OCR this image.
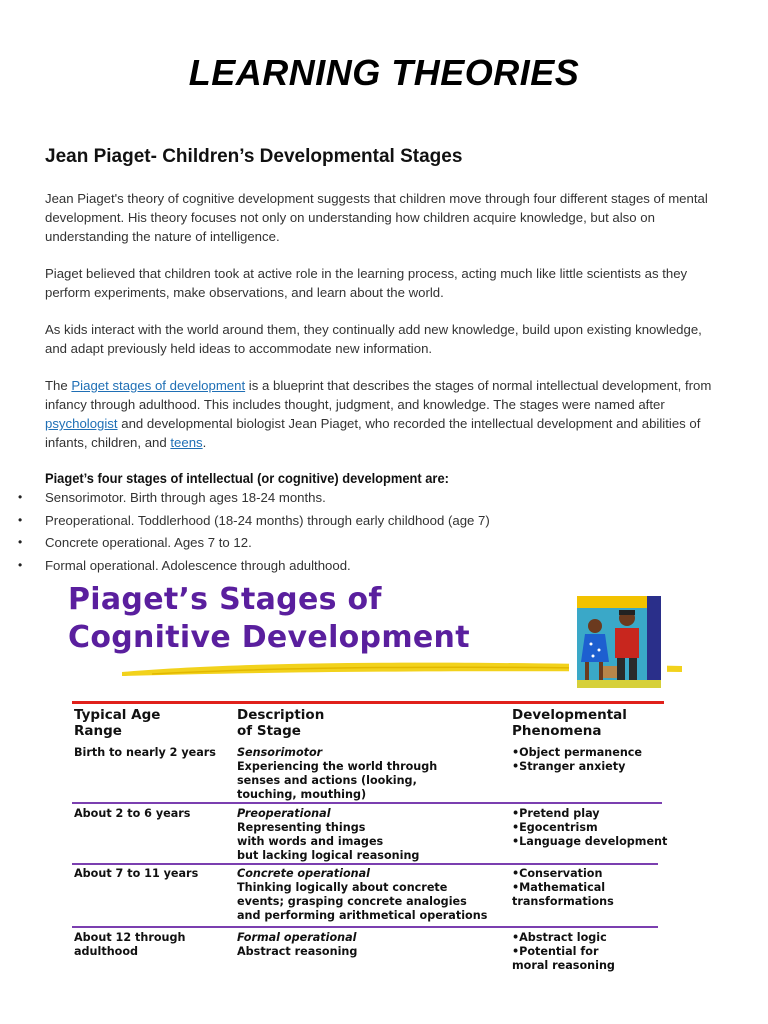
LEARNING THEORIES
Jean Piaget- Children’s Developmental Stages

Jean Piaget's theory of cognitive development suggests that children move through four different stages of mental development. His theory focuses not only on understanding how children acquire knowledge, but also on understanding the nature of intelligence.

Piaget believed that children took at active role in the learning process, acting much like little scientists as they perform experiments, make observations, and learn about the world.

As kids interact with the world around them, they continually add new knowledge, build upon existing knowledge, and adapt previously held ideas to accommodate new information.

The Piaget stages of development is a blueprint that describes the stages of normal intellectual development, from infancy through adulthood. This includes thought, judgment, and knowledge. The stages were named after psychologist and developmental biologist Jean Piaget, who recorded the intellectual development and abilities of infants, children, and teens.

Piaget’s four stages of intellectual (or cognitive) development are:

• Sensorimotor. Birth through ages 18-24 months.
• Preoperational. Toddlerhood (18-24 months) through early childhood (age 7)
• Concrete operational. Ages 7 to 12.
• Formal operational. Adolescence through adulthood.

Piaget’s Stages of

Cognitive Development

Typical Age
Range

Description
of Stage

Developmental
Phenomena

Birth to nearly 2 years Sensorimotor
Experiencing the world through
senses and actions (looking,
touching, mouthing)

•Object permanence
•Stranger anxiety

About 2 to 6 years	Preoperational
Representing things
with words and images
but lacking logical reasoning

•Pretend play
•Egocentrism
•Language development

About 7 to 11 years	Concrete operational
Thinking logically about concrete
events; grasping concrete analogies
and performing arithmetical operations

•Conservation
•Mathematical
transformations

About 12 through
adulthood

Formal operational
Abstract reasoning

•Abstract logic
•Potential for
moral reasoning
